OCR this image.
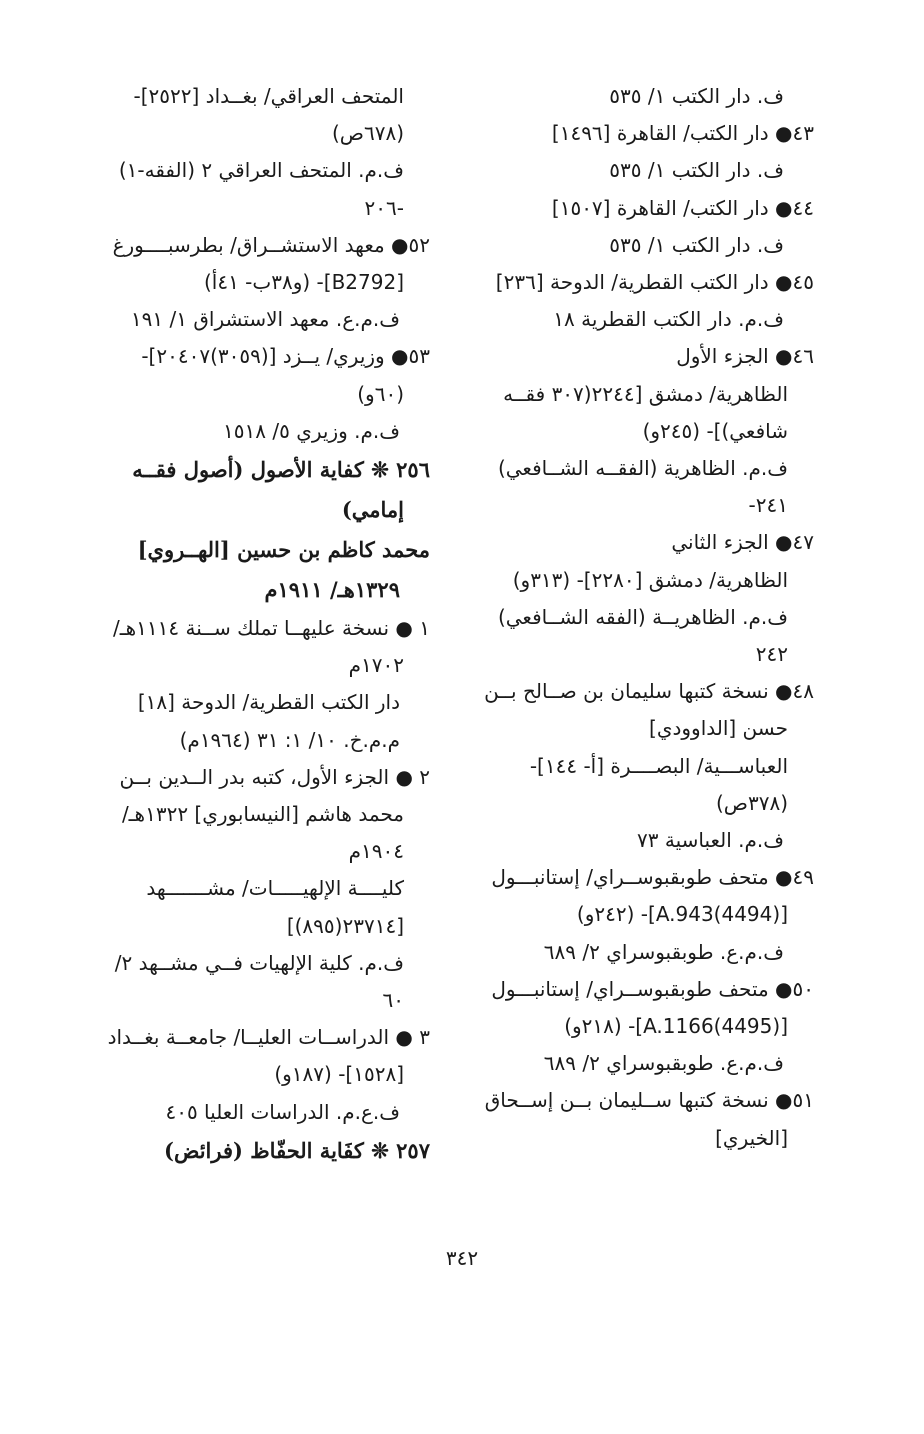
ف. دار الكتب ١/ ٥٣٥

٤٣● دار الكتب/ القاهرة [١٤٩٦]

ف. دار الكتب ١/ ٥٣٥

٤٤● دار الكتب/ القاهرة [١٥٠٧]

ف. دار الكتب ١/ ٥٣٥

٤٥● دار الكتب القطرية/ الدوحة [٢٣٦]

ف.م. دار الكتب القطرية ١٨

٤٦● الجزء الأول

الظاهرية/ دمشق [٢٢٤٤(٣٠٧ فقــه

شافعي)]- (٢٤٥و)

ف.م. الظاهرية (الفقــه الشــافعي)

٢٤١-

٤٧● الجزء الثاني

الظاهرية/ دمشق [٢٢٨٠]- (٣١٣و)

ف.م. الظاهريــة (الفقه الشــافعي)

٢٤٢

٤٨● نسخة كتبها سليمان بن صــالح بــن

حسن [الداوودي]

العباســـية/ البصــــرة [أ- ١٤٤]-

(٣٧٨ص)

ف.م. العباسية ٧٣

٤٩● متحف طوبقبوســراي/ إستانبـــول

[A.943(4494)]- (٢٤٢و)

ف.م.ع. طوبقبوسراي ٢/ ٦٨٩

٥٠● متحف طوبقبوســراي/ إستانبـــول

[A.1166(4495)]- (٢١٨و)

ف.م.ع. طوبقبوسراي ٢/ ٦٨٩

٥١● نسخة كتبها ســليمان بــن إســحاق

[الخيري]

المتحف العراقي/ بغــداد [٢٥٢٢]-

(٦٧٨ص)

ف.م. المتحف العراقي ٢ (الفقه-١)

-٢٠٦

٥٢● معهد الاستشــراق/ بطرسبــــورغ

[B2792]- (و٣٨ب- ٤١أ)

ف.م.ع. معهد الاستشراق ١/ ١٩١

٥٣● وزيري/ يــزد [(٣٠٥٩)٢٠٤٠٧]-

(٦٠و)

ف.م. وزيري ٥/ ١٥١٨

٢٥٦ ❊ كفاية الأصول (أصول فقــه

إمامي)

محمد كاظم بن حسين [الهــروي]

١٣٢٩هـ/ ١٩١١م

١ ● نسخة عليهــا تملك ســنة ١١١٤هـ/

١٧٠٢م

دار الكتب القطرية/ الدوحة [١٨]

م.م.خ. ١٠/ ١: ٣١ (١٩٦٤م)

٢ ● الجزء الأول، كتبه بدر الــدين بــن

محمد هاشم [النيسابوري] ١٣٢٢هـ/

١٩٠٤م

كليــــة الإلهيـــــات/ مشـــــــهد

[٢٣٧١٤(٨٩٥)]

ف.م. كلية الإلهيات فــي مشــهد ٢/

٦٠

٣ ● الدراســات العليــا/ جامعــة بغــداد

[١٥٢٨]- (١٨٧و)

ف.ع.م. الدراسات العليا ٤٠٥

٢٥٧ ❊ كفَاية الحفّاظ (فرائض)

٣٤٢
